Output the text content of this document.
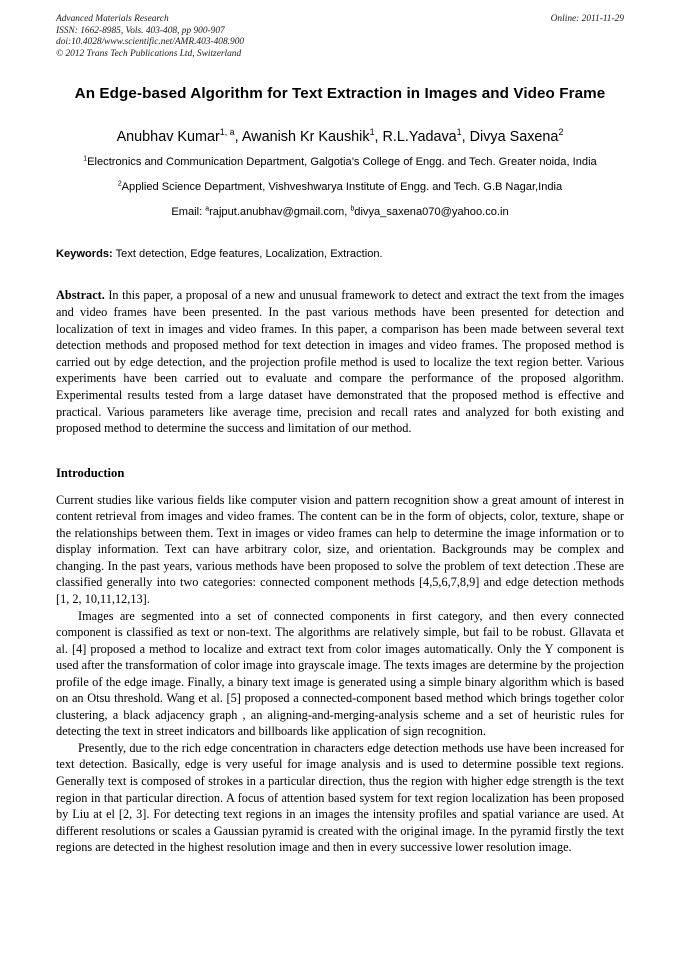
Advanced Materials Research
ISSN: 1662-8985, Vols. 403-408, pp 900-907
doi:10.4028/www.scientific.net/AMR.403-408.900
© 2012 Trans Tech Publications Ltd, Switzerland
Online: 2011-11-29
An Edge-based Algorithm for Text Extraction in Images and Video Frame
Anubhav Kumar$^{1, a}$, Awanish Kr Kaushik$^1$, R.L.Yadava$^1$, Divya Saxena$^2$
$^1$Electronics and Communication Department, Galgotia’s College of Engg. and Tech. Greater noida, India
$^2$Applied Science Department, Vishveshwarya Institute of Engg. and Tech. G.B Nagar,India
Email: $^a$rajput.anubhav@gmail.com, $^b$divya_saxena070@yahoo.co.in
Keywords: Text detection, Edge features, Localization, Extraction.
Abstract. In this paper, a proposal of a new and unusual framework to detect and extract the text from the images and video frames have been presented. In the past various methods have been presented for detection and localization of text in images and video frames. In this paper, a comparison has been made between several text detection methods and proposed method for text detection in images and video frames. The proposed method is carried out by edge detection, and the projection profile method is used to localize the text region better. Various experiments have been carried out to evaluate and compare the performance of the proposed algorithm. Experimental results tested from a large dataset have demonstrated that the proposed method is effective and practical. Various parameters like average time, precision and recall rates and analyzed for both existing and proposed method to determine the success and limitation of our method.
Introduction

Current studies like various fields like computer vision and pattern recognition show a great amount of interest in content retrieval from images and video frames. The content can be in the form of objects, color, texture, shape or the relationships between them. Text in images or video frames can help to determine the image information or to display information. Text can have arbitrary color, size, and orientation. Backgrounds may be complex and changing. In the past years, various methods have been proposed to solve the problem of text detection .These are classified generally into two categories: connected component methods [4,5,6,7,8,9] and edge detection methods [1, 2, 10,11,12,13].

Images are segmented into a set of connected components in first category, and then every connected component is classified as text or non-text. The algorithms are relatively simple, but fail to be robust. Gllavata et al. [4] proposed a method to localize and extract text from color images automatically. Only the Y component is used after the transformation of color image into grayscale image. The texts images are determine by the projection profile of the edge image. Finally, a binary text image is generated using a simple binary algorithm which is based on an Otsu threshold. Wang et al. [5] proposed a connected-component based method which brings together color clustering, a black adjacency graph , an aligning-and-merging-analysis scheme and a set of heuristic rules for detecting the text in street indicators and billboards like application of sign recognition.

Presently, due to the rich edge concentration in characters edge detection methods use have been increased for text detection. Basically, edge is very useful for image analysis and is used to determine possible text regions. Generally text is composed of strokes in a particular direction, thus the region with higher edge strength is the text region in that particular direction. A focus of attention based system for text region localization has been proposed by Liu at el [2, 3]. For detecting text regions in an images the intensity profiles and spatial variance are used. At different resolutions or scales a Gaussian pyramid is created with the original image. In the pyramid firstly the text regions are detected in the highest resolution image and then in every successive lower resolution image.
